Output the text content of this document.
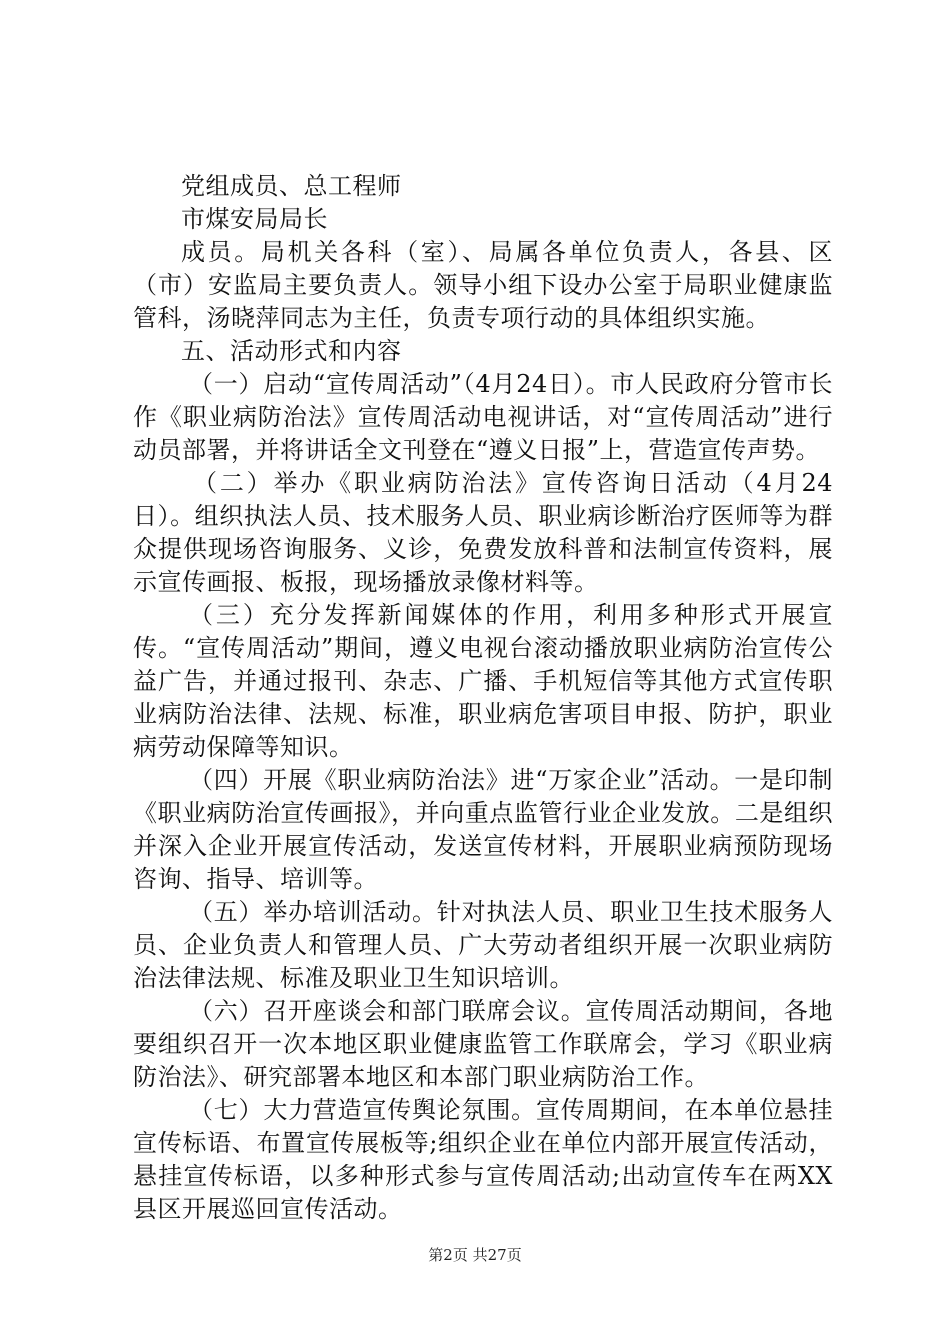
党组成员、总工程师

市煤安局局长

成员。局机关各科（室）、局属各单位负责人，各县、区（市）安监局主要负责人。领导小组下设办公室于局职业健康监管科，汤晓萍同志为主任，负责专项行动的具体组织实施。

五、活动形式和内容

（一）启动“宣传周活动”（4月24日）。市人民政府分管市长作《职业病防治法》宣传周活动电视讲话，对“宣传周活动”进行动员部署，并将讲话全文刊登在“遵义日报”上，营造宣传声势。

（二）举办《职业病防治法》宣传咨询日活动（4月24日）。组织执法人员、技术服务人员、职业病诊断治疗医师等为群众提供现场咨询服务、义诊，免费发放科普和法制宣传资料，展示宣传画报、板报，现场播放录像材料等。

（三）充分发挥新闻媒体的作用，利用多种形式开展宣传。“宣传周活动”期间，遵义电视台滚动播放职业病防治宣传公益广告，并通过报刊、杂志、广播、手机短信等其他方式宣传职业病防治法律、法规、标准，职业病危害项目申报、防护，职业病劳动保障等知识。

（四）开展《职业病防治法》进“万家企业”活动。一是印制《职业病防治宣传画报》，并向重点监管行业企业发放。二是组织并深入企业开展宣传活动，发送宣传材料，开展职业病预防现场咨询、指导、培训等。

（五）举办培训活动。针对执法人员、职业卫生技术服务人员、企业负责人和管理人员、广大劳动者组织开展一次职业病防治法律法规、标准及职业卫生知识培训。

（六）召开座谈会和部门联席会议。宣传周活动期间，各地要组织召开一次本地区职业健康监管工作联席会，学习《职业病防治法》、研究部署本地区和本部门职业病防治工作。

（七）大力营造宣传舆论氛围。宣传周期间，在本单位悬挂宣传标语、布置宣传展板等;组织企业在单位内部开展宣传活动，悬挂宣传标语，以多种形式参与宣传周活动;出动宣传车在两XX县区开展巡回宣传活动。

第2页 共27页
